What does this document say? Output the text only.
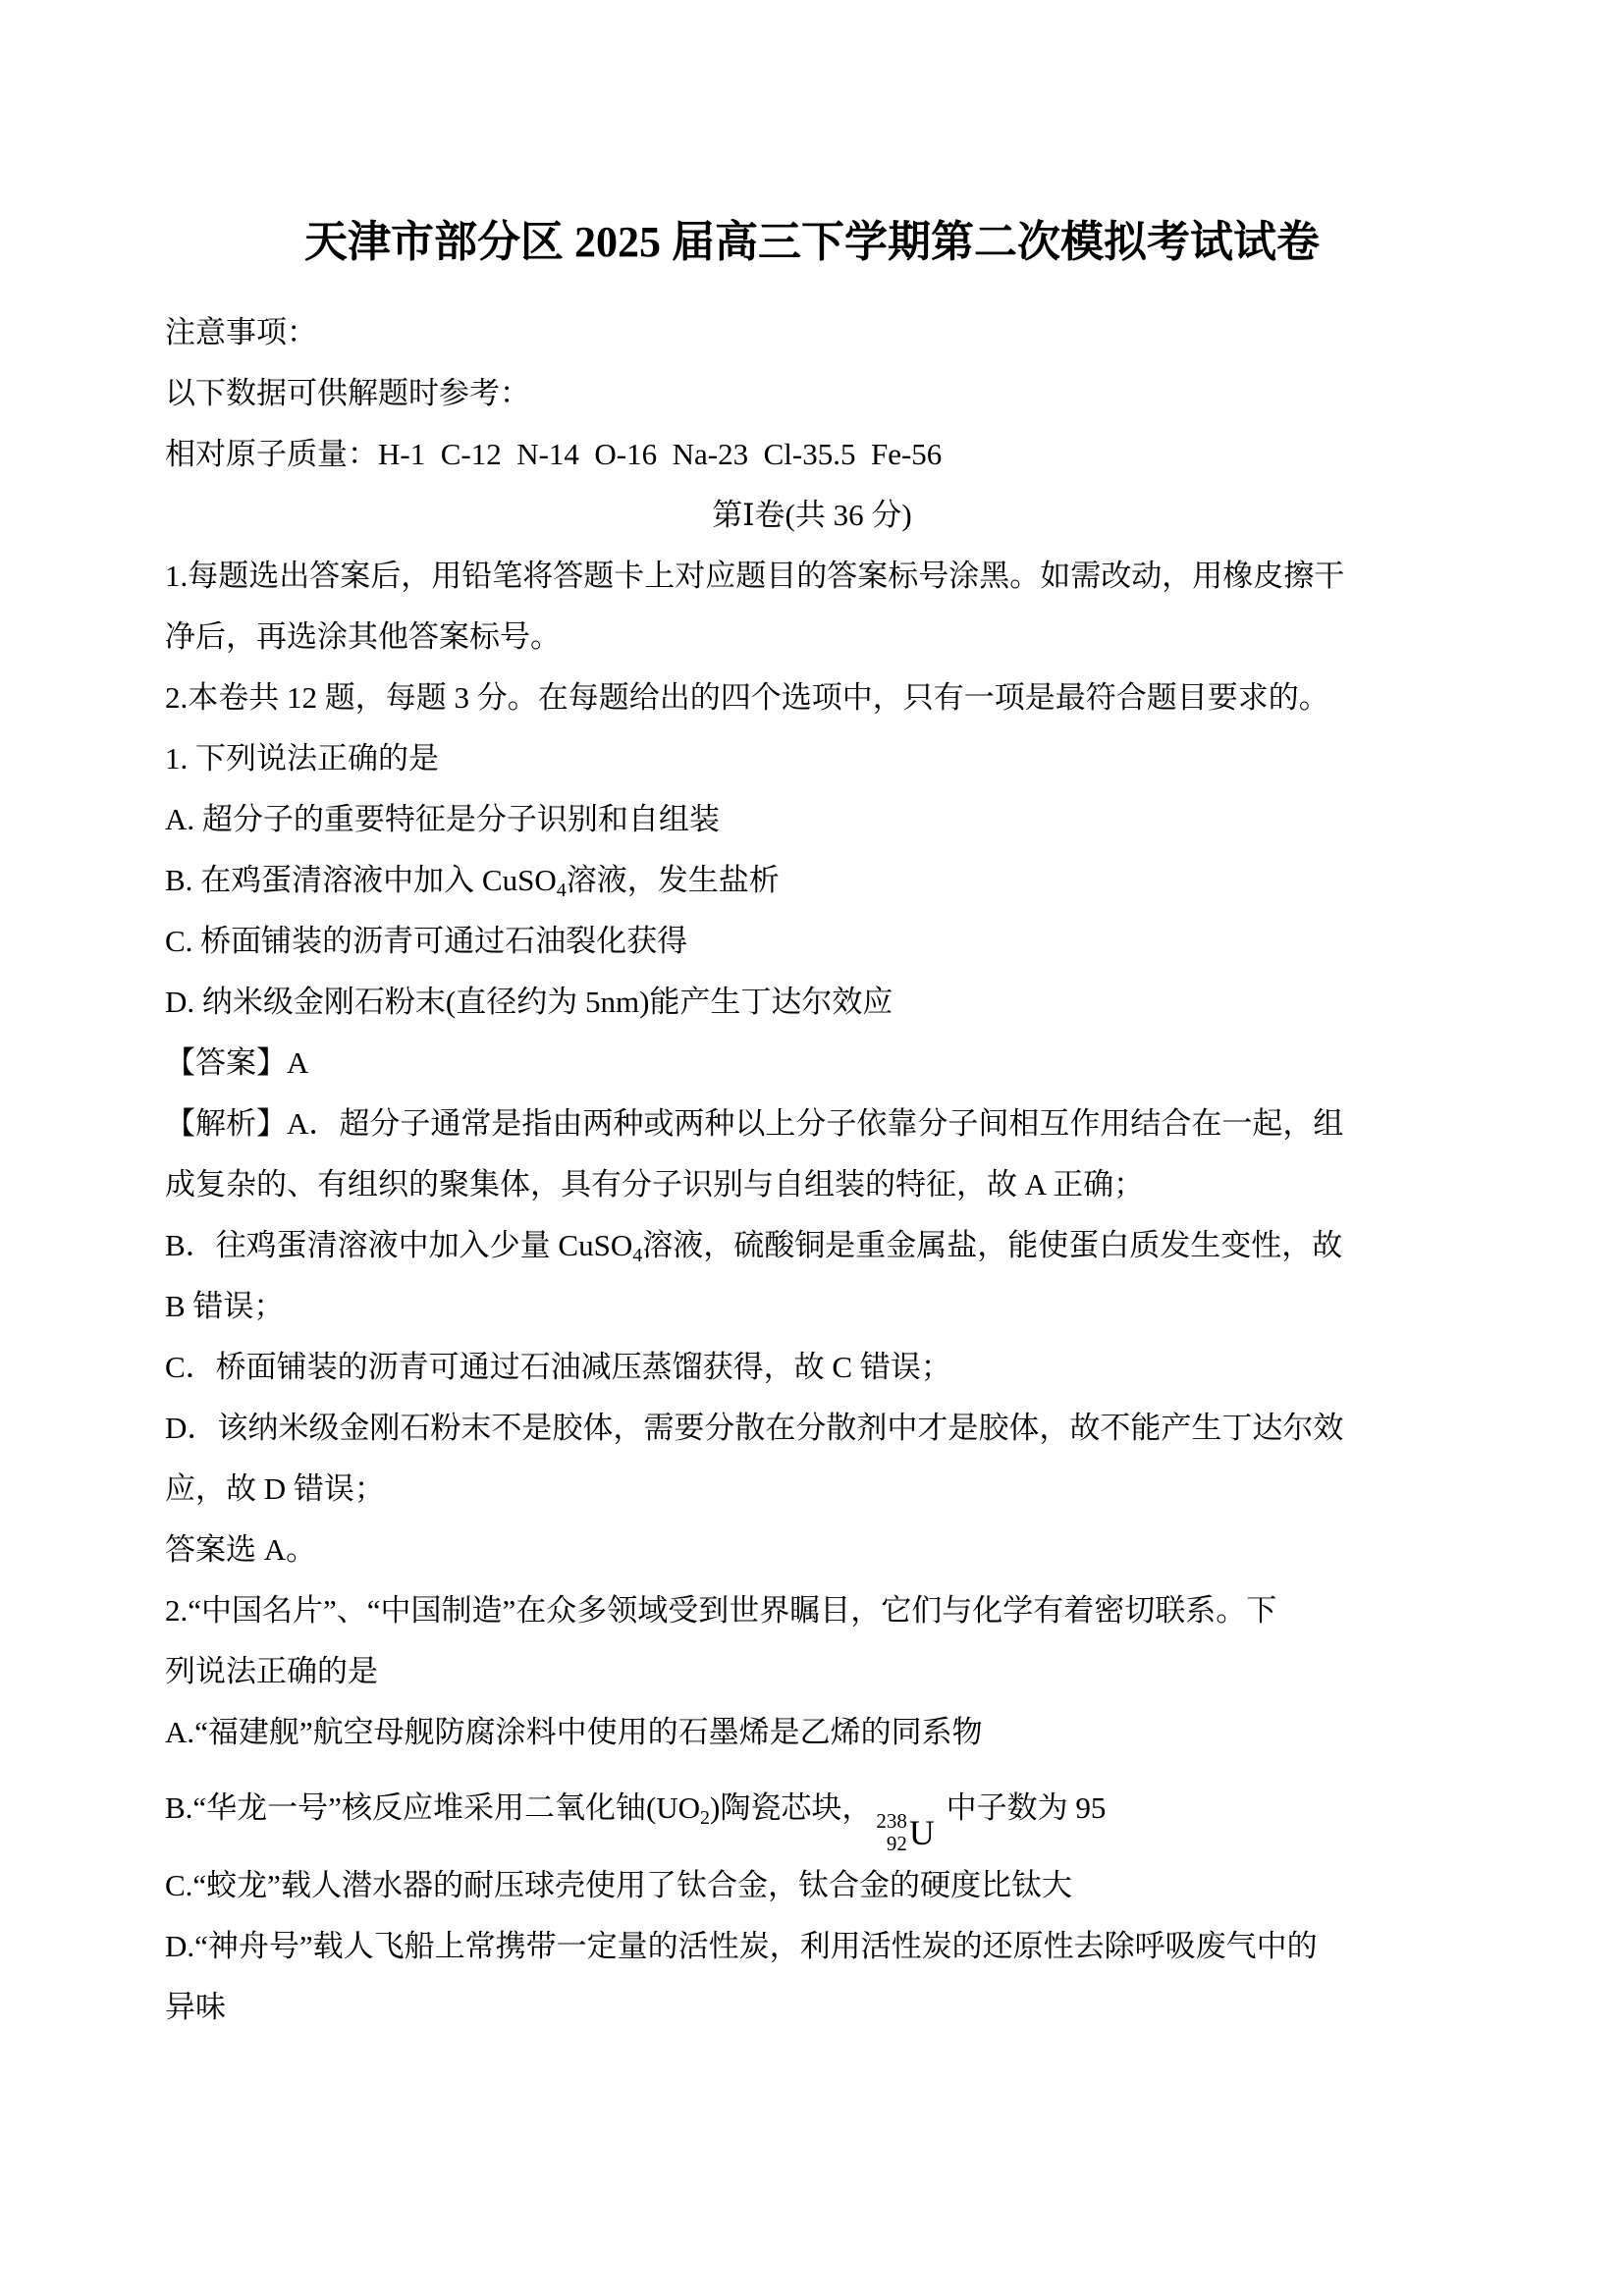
天津市部分区 2025 届高三下学期第二次模拟考试试卷

注意事项：

以下数据可供解题时参考：

相对原子质量：H-1  C-12  N-14  O-16  Na-23  Cl-35.5  Fe-56

第Ⅰ卷(共 36 分)

1.每题选出答案后，用铅笔将答题卡上对应题目的答案标号涂黑。如需改动，用橡皮擦干

净后，再选涂其他答案标号。

2.本卷共 12 题，每题 3 分。在每题给出的四个选项中，只有一项是最符合题目要求的。

1. 下列说法正确的是

A. 超分子的重要特征是分子识别和自组装

B. 在鸡蛋清溶液中加入 CuSO$_4$溶液，发生盐析

C. 桥面铺装的沥青可通过石油裂化获得

D. 纳米级金刚石粉末(直径约为 5nm)能产生丁达尔效应

【答案】A

【解析】A．超分子通常是指由两种或两种以上分子依靠分子间相互作用结合在一起，组

成复杂的、有组织的聚集体，具有分子识别与自组装的特征，故 A 正确；

B．往鸡蛋清溶液中加入少量 CuSO$_4$溶液，硫酸铜是重金属盐，能使蛋白质发生变性，故

B 错误；

C．桥面铺装的沥青可通过石油减压蒸馏获得，故 C 错误；

D．该纳米级金刚石粉末不是胶体，需要分散在分散剂中才是胶体，故不能产生丁达尔效

应，故 D 错误；

答案选 A。

2.“中国名片”、“中国制造”在众多领域受到世界瞩目，它们与化学有着密切联系。下

列说法正确的是

A.“福建舰”航空母舰防腐涂料中使用的石墨烯是乙烯的同系物

B.“华龙一号”核反应堆采用二氧化铀$(UO_2)$陶瓷芯块， 238
92 U
中子数为 95

C.“蛟龙”载人潜水器的耐压球壳使用了钛合金，钛合金的硬度比钛大

D.“神舟号”载人飞船上常携带一定量的活性炭，利用活性炭的还原性去除呼吸废气中的

异味
